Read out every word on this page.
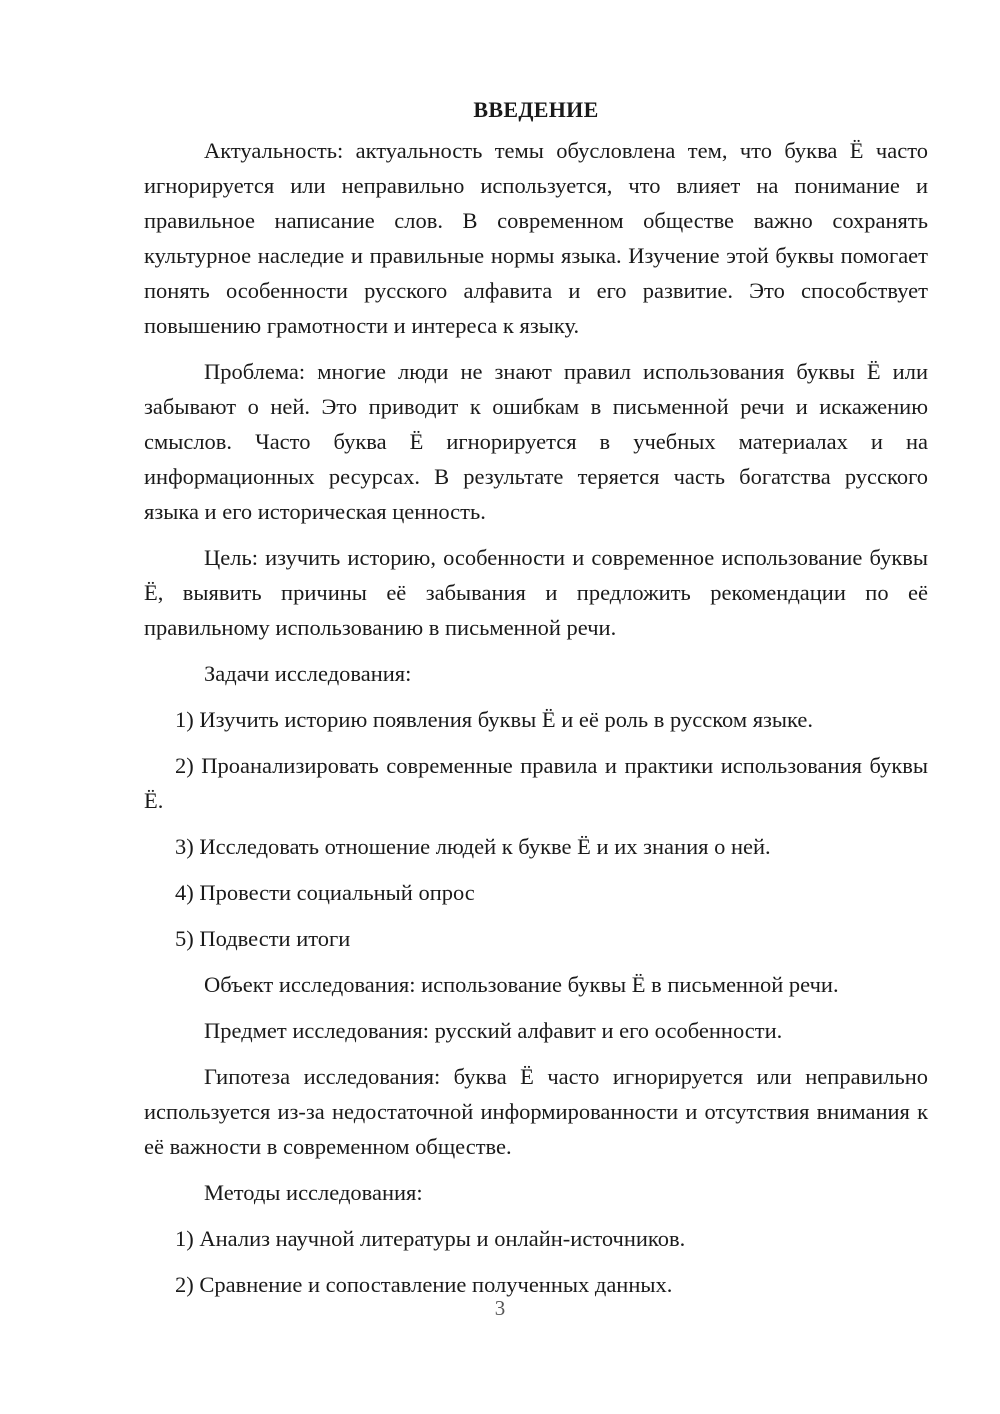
ВВЕДЕНИЕ

Актуальность: актуальность темы обусловлена тем, что буква Ё часто игнорируется или неправильно используется, что влияет на понимание и правильное написание слов. В современном обществе важно сохранять культурное наследие и правильные нормы языка. Изучение этой буквы помогает понять особенности русского алфавита и его развитие. Это способствует повышению грамотности и интереса к языку.

Проблема: многие люди не знают правил использования буквы Ё или забывают о ней. Это приводит к ошибкам в письменной речи и искажению смыслов. Часто буква Ё игнорируется в учебных материалах и на информационных ресурсах. В результате теряется часть богатства русского языка и его историческая ценность.

Цель: изучить историю, особенности и современное использование буквы Ё, выявить причины её забывания и предложить рекомендации по её правильному использованию в письменной речи.

Задачи исследования:

1) Изучить историю появления буквы Ё и её роль в русском языке.

2) Проанализировать современные правила и практики использования буквы Ё.

3) Исследовать отношение людей к букве Ё и их знания о ней.

4) Провести социальный опрос

5) Подвести итоги

Объект исследования: использование буквы Ё в письменной речи.

Предмет исследования: русский алфавит и его особенности.

Гипотеза исследования: буква Ё часто игнорируется или неправильно используется из-за недостаточной информированности и отсутствия внимания к её важности в современном обществе.

Методы исследования:

1) Анализ научной литературы и онлайн-источников.

2) Сравнение и сопоставление полученных данных.

3
